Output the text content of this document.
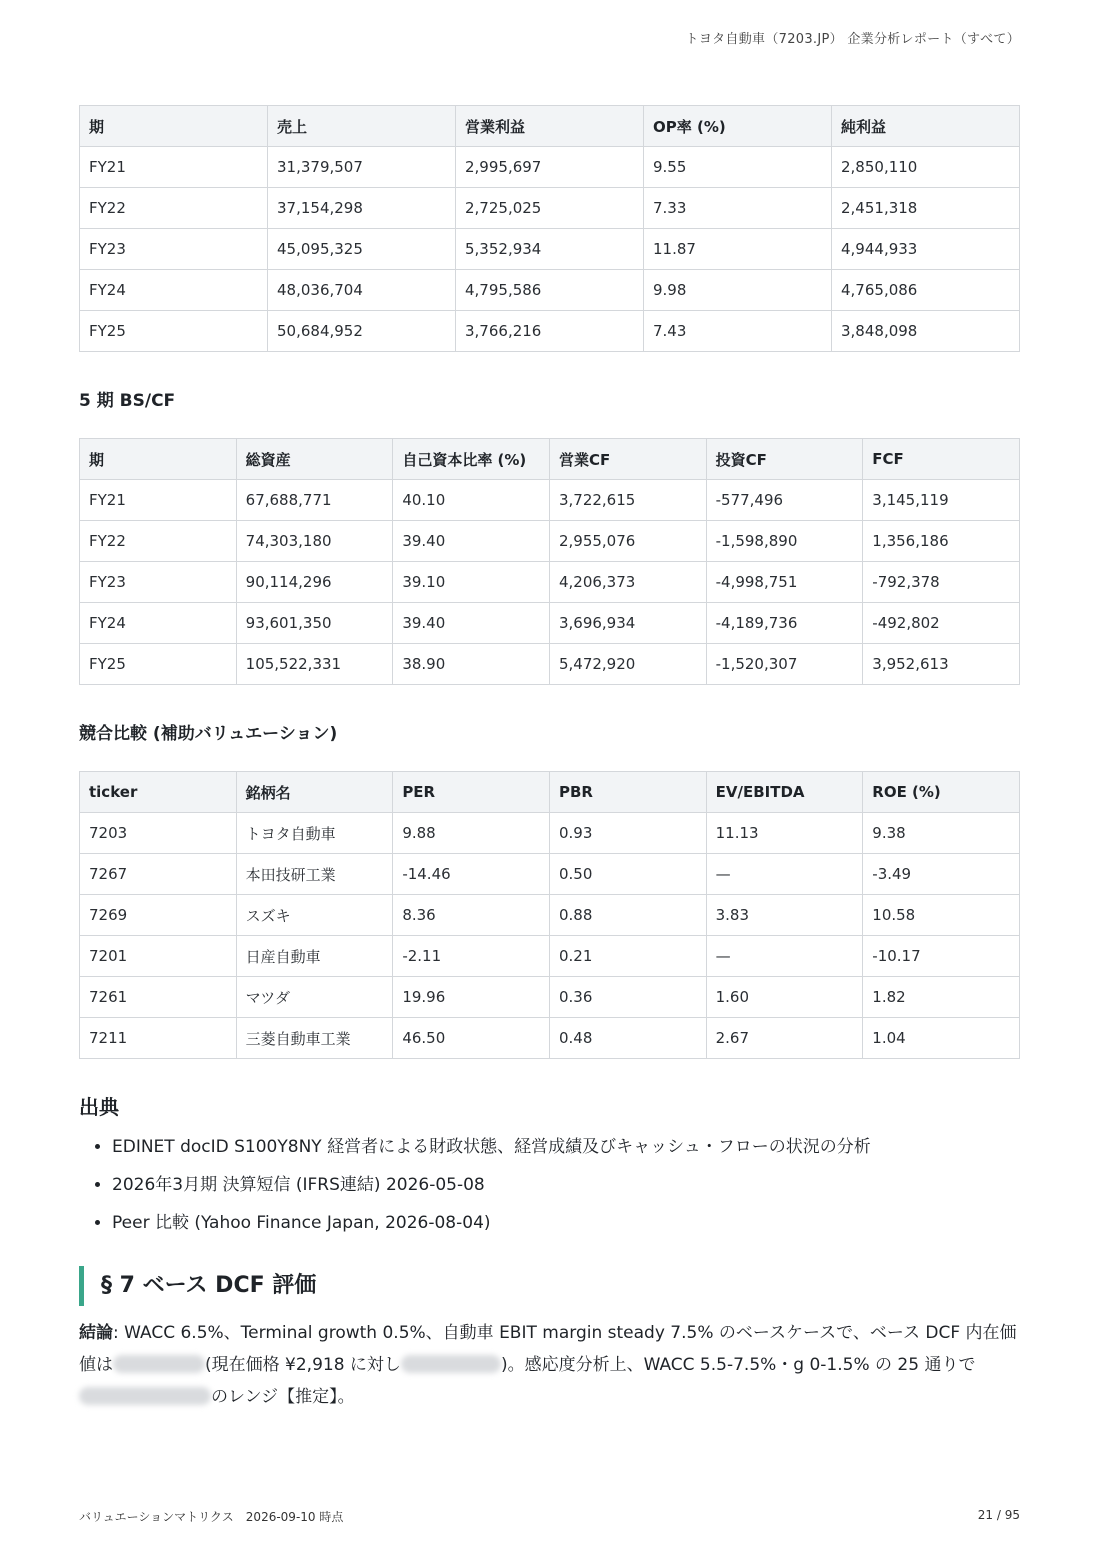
トヨタ自動車（7203.JP） 企業分析レポート（すべて）
期	売上	営業利益	OP率 (%)	純利益
FY21	31,379,507	2,995,697	9.55	2,850,110
FY22	37,154,298	2,725,025	7.33	2,451,318
FY23	45,095,325	5,352,934	11.87	4,944,933
FY24	48,036,704	4,795,586	9.98	4,765,086
FY25	50,684,952	3,766,216	7.43	3,848,098
5 期 BS/CF
期	総資産	自己資本比率 (%)	営業CF	投資CF	FCF
FY21	67,688,771	40.10	3,722,615	-577,496	3,145,119
FY22	74,303,180	39.40	2,955,076	-1,598,890	1,356,186
FY23	90,114,296	39.10	4,206,373	-4,998,751	-792,378
FY24	93,601,350	39.40	3,696,934	-4,189,736	-492,802
FY25	105,522,331	38.90	5,472,920	-1,520,307	3,952,613
競合比較 (補助バリュエーション)
ticker	銘柄名	PER	PBR	EV/EBITDA	ROE (%)
7203	トヨタ自動車	9.88	0.93	11.13	9.38
7267	本田技研工業	-14.46	0.50	—	-3.49
7269	スズキ	8.36	0.88	3.83	10.58
7201	日産自動車	-2.11	0.21	—	-10.17
7261	マツダ	19.96	0.36	1.60	1.82
7211	三菱自動車工業	46.50	0.48	2.67	1.04
出典
• EDINET docID S100Y8NY 経営者による財政状態、経営成績及びキャッシュ・フローの状況の分析
• 2026年3月期 決算短信 (IFRS連結) 2026-05-08
• Peer 比較 (Yahoo Finance Japan, 2026-08-04)
§ 7 ベース DCF 評価

結論: WACC 6.5%、Terminal growth 0.5%、自動車 EBIT margin steady 7.5% のベースケースで、ベース DCF 内在価値は	(現在価格 ¥2,918 に対し	)。感応度分析上、WACC 5.5-7.5%・g 0-1.5% の 25 通りで
のレンジ【推定】。

バリュエーションマトリクス　2026-09-10 時点	21 / 95
